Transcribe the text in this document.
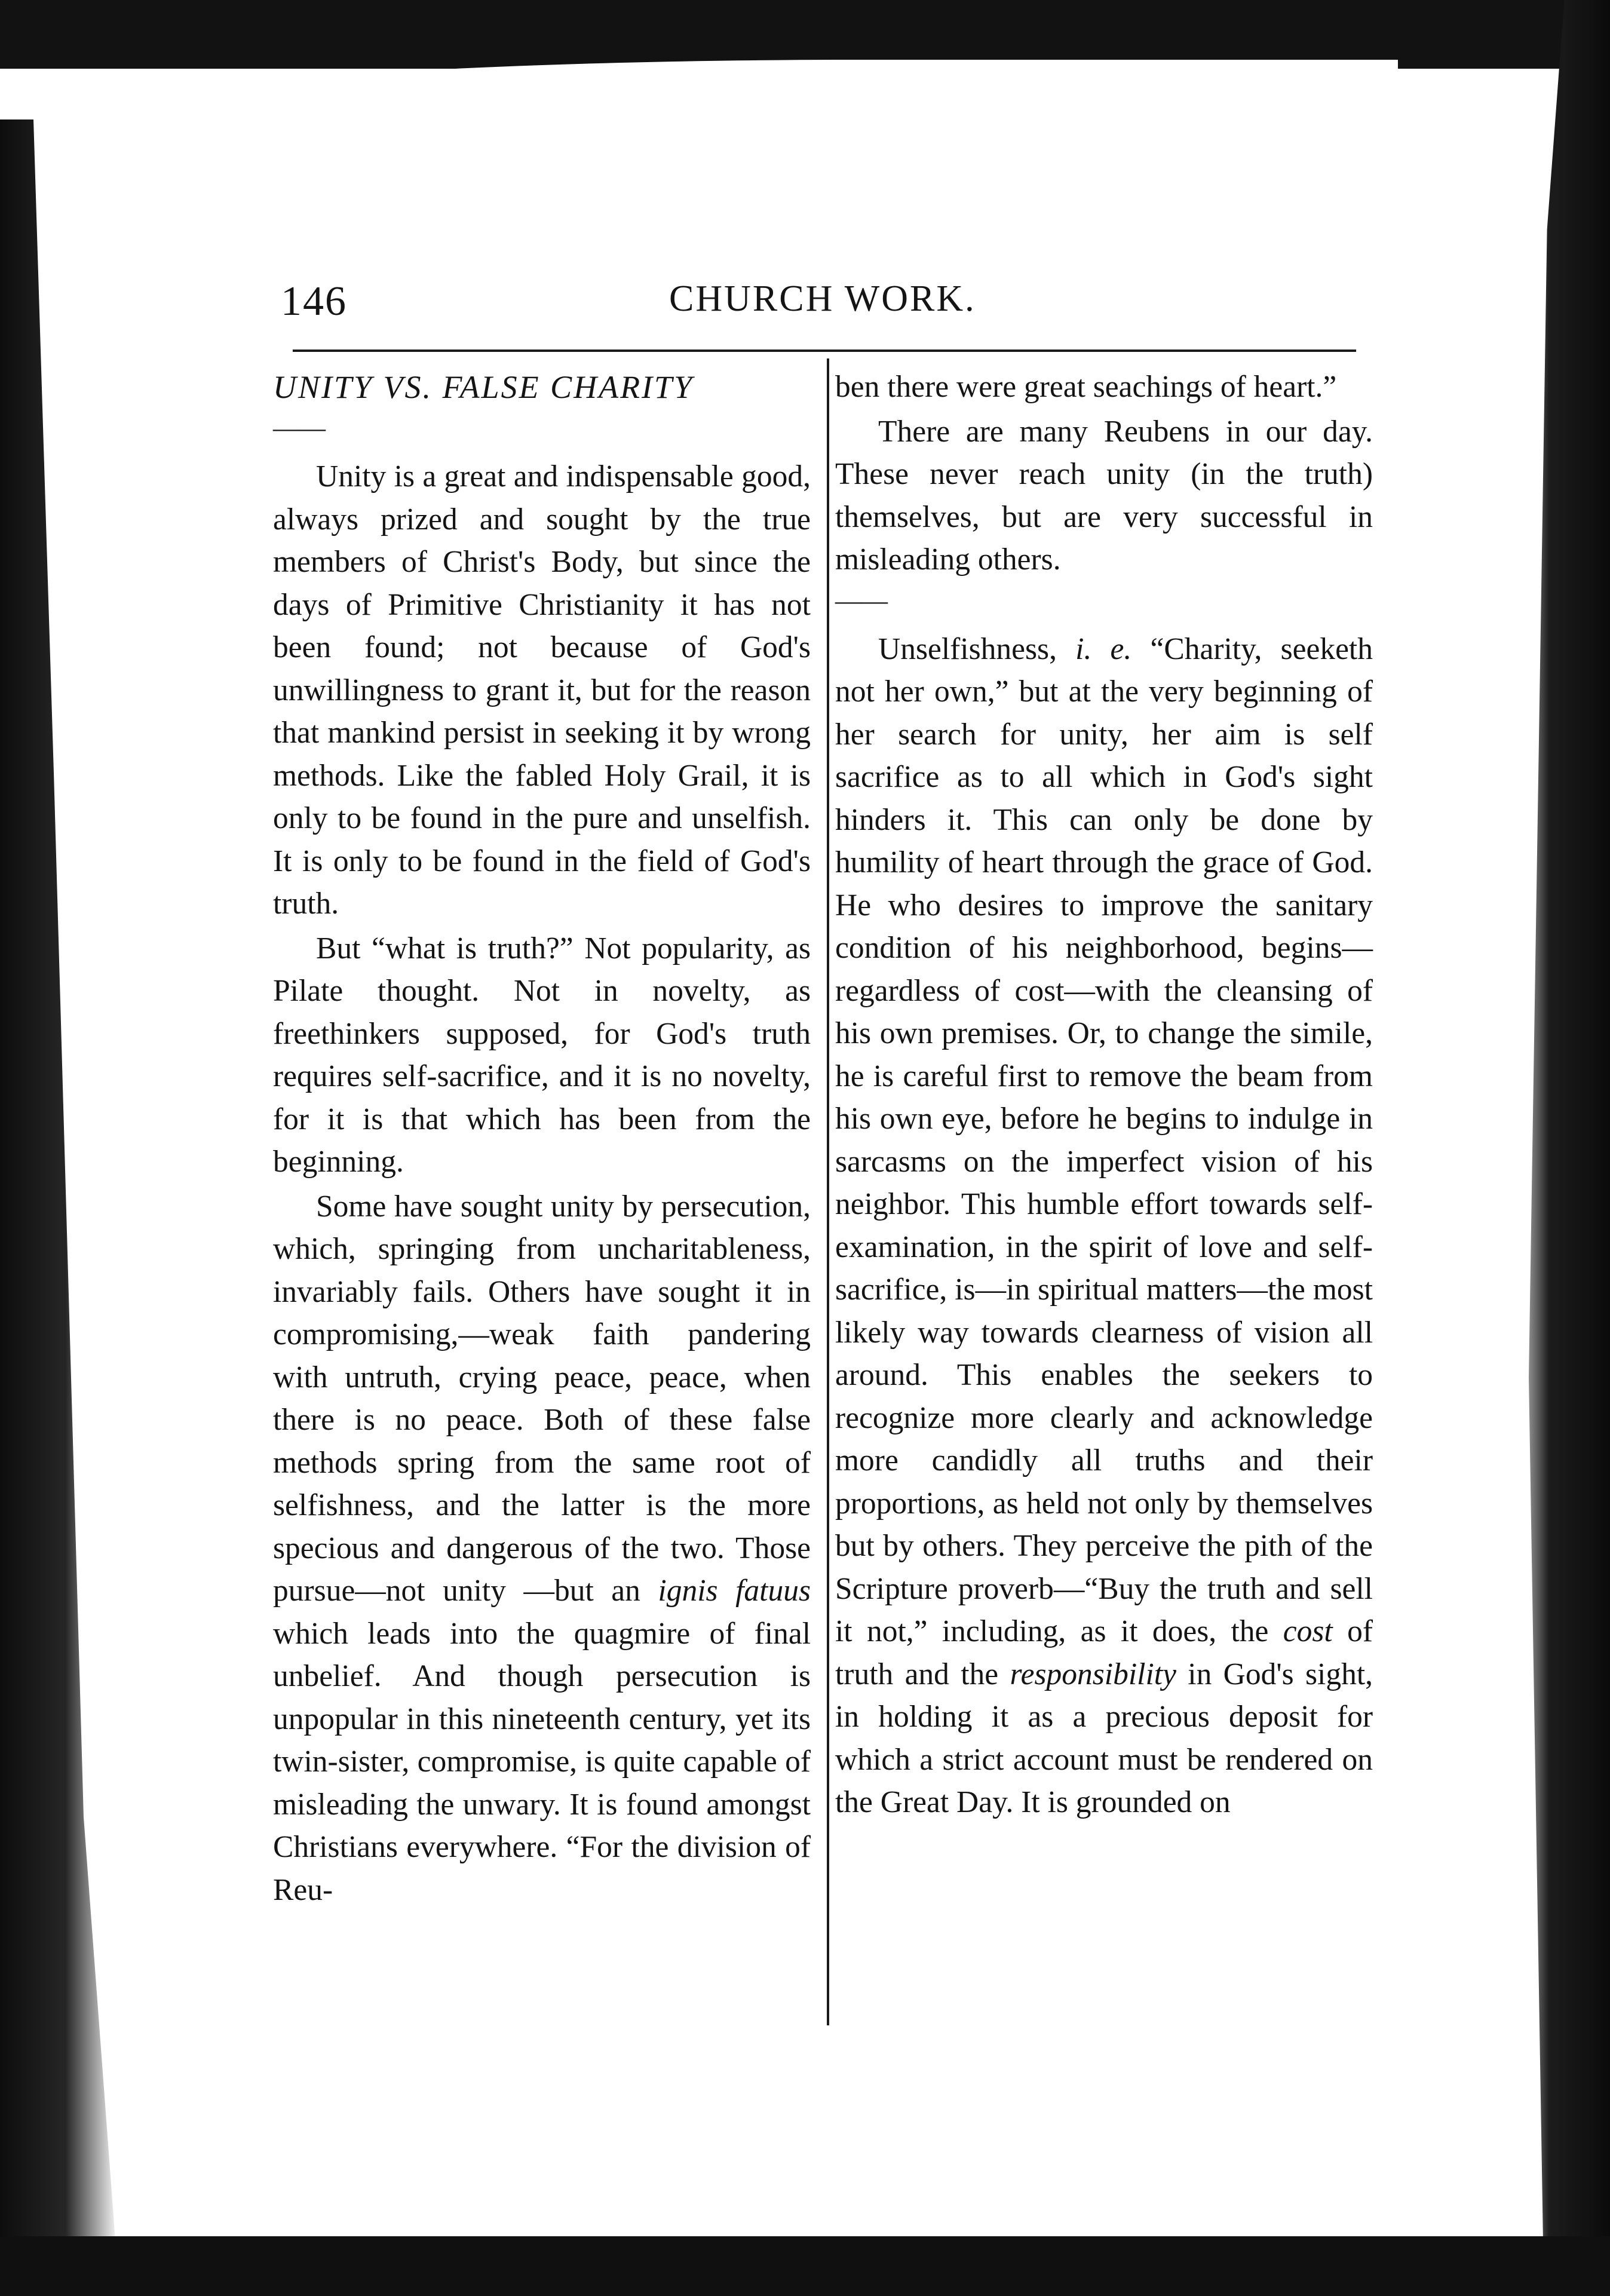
146	CHURCH WORK.

UNITY VS. FALSE CHARITY

——

Unity is a great and indispensable good, always prized and sought by the true members of Christ's Body, but since the days of Primitive Christianity it has not been found; not because of God's unwillingness to grant it, but for the reason that mankind persist in seeking it by wrong methods. Like the fabled Holy Grail, it is only to be found in the pure and unselfish. It is only to be found in the field of God's truth.

But “what is truth?” Not popularity, as Pilate thought. Not in novelty, as freethinkers supposed, for God's truth requires self-sacrifice, and it is no novelty, for it is that which has been from the beginning.

Some have sought unity by persecution, which, springing from uncharitableness, invariably fails. Others have sought it in compromising,—weak faith pandering with untruth, crying peace, peace, when there is no peace. Both of these false methods spring from the same root of selfishness, and the latter is the more specious and dangerous of the two. Those pursue—not unity —but an ignis fatuus which leads into the quagmire of final unbelief. And though persecution is unpopular in this nineteenth century, yet its twin-sister, compromise, is quite capable of misleading the unwary. It is found amongst Christians everywhere. “For the division of Reu-

ben there were great seachings of heart.”

There are many Reubens in our day. These never reach unity (in the truth) themselves, but are very successful in misleading others.

——

Unselfishness, i. e. “Charity, seeketh not her own,” but at the very beginning of her search for unity, her aim is self sacrifice as to all which in God's sight hinders it. This can only be done by humility of heart through the grace of God. He who desires to improve the sanitary condition of his neighborhood, begins—regardless of cost—with the cleansing of his own premises. Or, to change the simile, he is careful first to remove the beam from his own eye, before he begins to indulge in sarcasms on the imperfect vision of his neighbor. This humble effort towards self-examination, in the spirit of love and self-sacrifice, is—in spiritual matters—the most likely way towards clearness of vision all around. This enables the seekers to recognize more clearly and acknowledge more candidly all truths and their proportions, as held not only by themselves but by others. They perceive the pith of the Scripture proverb—“Buy the truth and sell it not,” including, as it does, the cost of truth and the responsibility in God's sight, in holding it as a precious deposit for which a strict account must be rendered on the Great Day. It is grounded on
